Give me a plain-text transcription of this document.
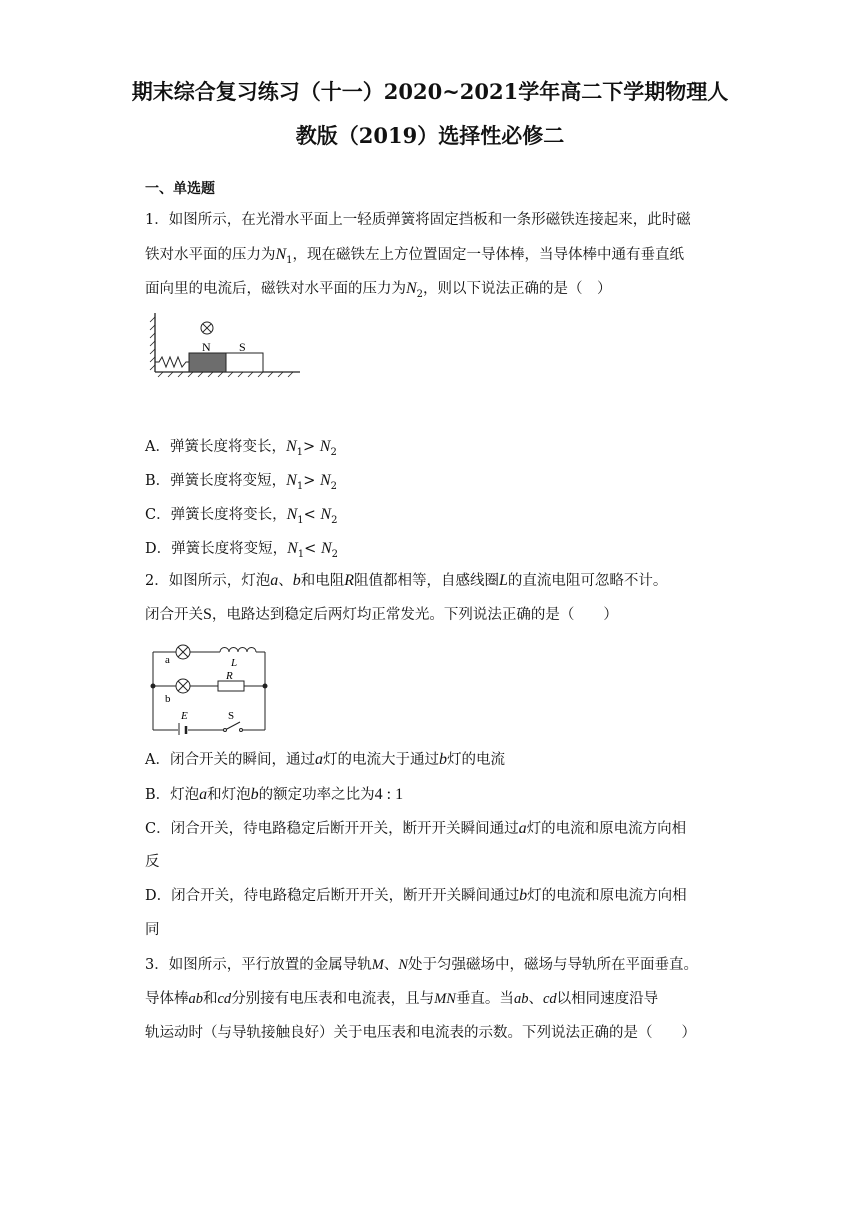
期末综合复习练习（十一）2020~2021学年高二下学期物理人
教版（2019）选择性必修二
一、单选题
1．如图所示，在光滑水平面上一轻质弹簧将固定挡板和一条形磁铁连接起来，此时磁
铁对水平面的压力为$N_1$，现在磁铁左上方位置固定一导体棒，当导体棒中通有垂直纸
面向里的电流后，磁铁对水平面的压力为$N_2$，则以下说法正确的是（　）
N S
A．弹簧长度将变长，$N_1> N_2$
B．弹簧长度将变短，$N_1> N_2$
C．弹簧长度将变长，$N_1< N_2$
D．弹簧长度将变短，$N_1< N_2$
2．如图所示，灯泡a、b和电阻R阻值都相等，自感线圈L的直流电阻可忽略不计。
闭合开关S，电路达到稳定后两灯均正常发光。下列说法正确的是（　　）
a
b
L
R
E	S
A．闭合开关的瞬间，通过a灯的电流大于通过b灯的电流
B．灯泡a和灯泡b的额定功率之比为4 : 1
C．闭合开关，待电路稳定后断开开关，断开开关瞬间通过a灯的电流和原电流方向相
反
D．闭合开关，待电路稳定后断开开关，断开开关瞬间通过b灯的电流和原电流方向相
同
3．如图所示，平行放置的金属导轨M、N处于匀强磁场中，磁场与导轨所在平面垂直。
导体棒ab和cd分别接有电压表和电流表，且与MN垂直。当ab、cd以相同速度沿导
轨运动时（与导轨接触良好）关于电压表和电流表的示数。下列说法正确的是（　　）
